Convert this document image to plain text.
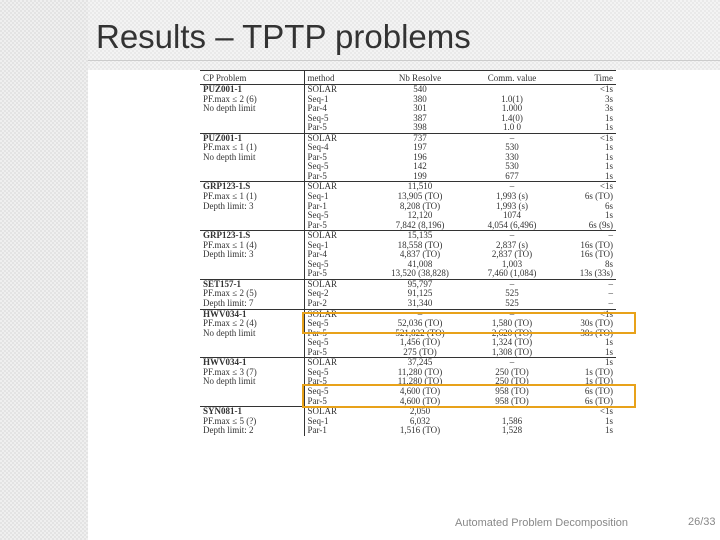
Results – TPTP problems
CP Problem	method	Nb Resolve	Comm. value	Time
PUZ001-1	SOLAR	540		<1s
PF.max ≤ 2 (6)	Seq-1	380	1.0(1)	3s
No depth limit	Par-4	301	1.000	3s
	Seq-5	387	1.4(0)	1s
	Par-5	398	1.0 0	1s
PUZ001-1	SOLAR	737	–	<1s
PF.max ≤ 1 (1)	Seq-4	197	530	1s
No depth limit	Par-5	196	330	1s
	Seq-5	142	530	1s
	Par-5	199	677	1s
GRP123-1.S	SOLAR	11,510	–	<1s
PF.max ≤ 1 (1)	Seq-1	13,905 (TO)	1,993 (s)	6s (TO)
Depth limit: 3	Par-1	8,208 (TO)	1,993 (s)	6s
	Seq-5	12,120	1074	1s
	Par-5	7,842 (8,196)	4,054 (6,496)	6s (9s)
GRP123-1.S	SOLAR	15,135	–	–
PF.max ≤ 1 (4)	Seq-1	18,558 (TO)	2,837 (s)	16s (TO)
Depth limit: 3	Par-4	4,837 (TO)	2,837 (TO)	16s (TO)
	Seq-5	41,008	1,003	8s
	Par-5	13,520 (38,828)	7,460 (1,084)	13s (33s)
SET157-1	SOLAR	95,797	–	–
PF.max ≤ 2 (5)	Seq-2	91,125	525	–
Depth limit: 7	Par-2	31,340	525	–
HWV034-1	SOLAR	–	–	<1s
PF.max ≤ 2 (4)	Seq-5	52,036 (TO)	1,580 (TO)	30s (TO)
No depth limit	Par-5	521,822 (TO)	2,620 (TO)	38s (TO)
	Seq-5	1,456 (TO)	1,324 (TO)	1s
	Par-5	275 (TO)	1,308 (TO)	1s
HWV034-1	SOLAR	37,245	–	1s
PF.max ≤ 3 (7)	Seq-5	11,280 (TO)	250 (TO)	1s (TO)
No depth limit	Par-5	11,280 (TO)	250 (TO)	1s (TO)
	Seq-5	4,600 (TO)	958 (TO)	6s (TO)
	Par-5	4,600 (TO)	958 (TO)	6s (TO)
SYN081-1	SOLAR	2,050		<1s
PF.max ≤ 5 (?)	Seq-1	6,032	1,586	1s
Depth limit: 2	Par-1	1,516 (TO)	1,528	1s
Automated Problem Decomposition	26/33
